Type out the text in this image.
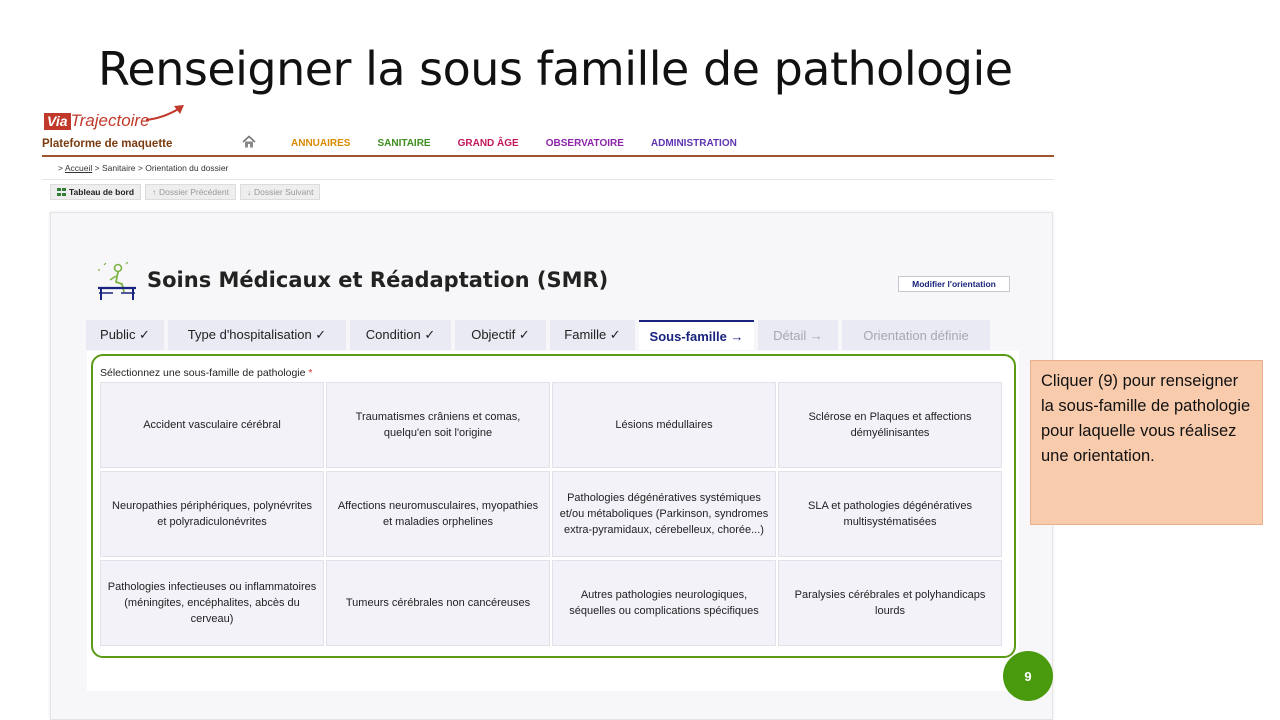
Renseigner la sous famille de pathologie
Via Trajectoire
Plateforme de maquette	ANNUAIRES	SANITAIRE	GRAND ÂGE	OBSERVATOIRE	ADMINISTRATION
> Accueil > Sanitaire > Orientation du dossier
Tableau de bord ↑ Dossier Précédent ↓ Dossier Suivant
Soins Médicaux et Réadaptation (SMR)	Modifier l'orientation
Public ✓	Type d'hospitalisation ✓	Condition ✓	Objectif ✓	Famille ✓	Sous-famille →	Détail →	Orientation définie
Sélectionnez une sous-famille de pathologie *
Accident vasculaire cérébral
Traumatismes crâniens et comas, quelqu'en soit l'origine
Lésions médullaires
Sclérose en Plaques et affections démyélinisantes
Neuropathies périphériques, polynévrites et polyradiculonévrites
Affections neuromusculaires, myopathies et maladies orphelines
Pathologies dégénératives systémiques et/ou métaboliques (Parkinson, syndromes extra-pyramidaux, cérebelleux, chorée...)
SLA et pathologies dégénératives multisystématisées
Pathologies infectieuses ou inflammatoires (méningites, encéphalites, abcès du cerveau)
Tumeurs cérébrales non cancéreuses
Autres pathologies neurologiques, séquelles ou complications spécifiques
Paralysies cérébrales et polyhandicaps lourds
Cliquer (9) pour renseigner la sous-famille de pathologie pour laquelle vous réalisez une orientation.
9
